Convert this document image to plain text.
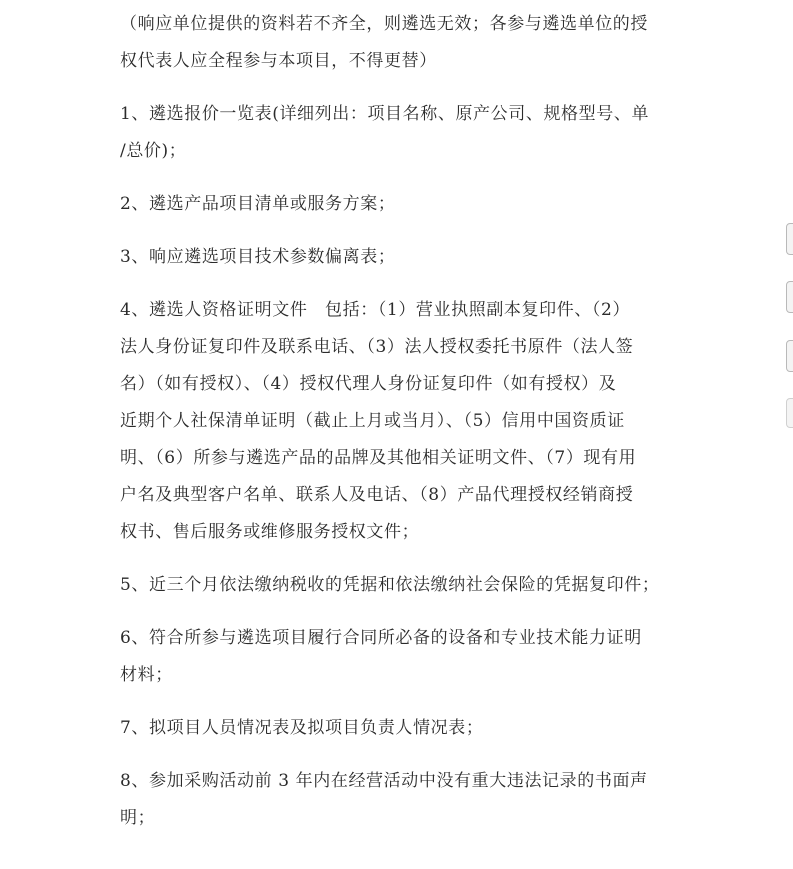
（响应单位提供的资料若不齐全，则遴选无效；各参与遴选单位的授
权代表人应全程参与本项目，不得更替）

1、遴选报价一览表(详细列出：项目名称、原产公司、规格型号、单
/总价)；

2、遴选产品项目清单或服务方案；

3、响应遴选项目技术参数偏离表；

4、遴选人资格证明文件　包括：（1）营业执照副本复印件、（2）
法人身份证复印件及联系电话、（3）法人授权委托书原件（法人签
名）（如有授权）、（4）授权代理人身份证复印件（如有授权）及
近期个人社保清单证明（截止上月或当月）、（5）信用中国资质证
明、（6）所参与遴选产品的品牌及其他相关证明文件、（7）现有用
户名及典型客户名单、联系人及电话、（8）产品代理授权经销商授
权书、售后服务或维修服务授权文件；

5、近三个月依法缴纳税收的凭据和依法缴纳社会保险的凭据复印件；

6、符合所参与遴选项目履行合同所必备的设备和专业技术能力证明
材料；

7、拟项目人员情况表及拟项目负责人情况表；

8、参加采购活动前 3 年内在经营活动中没有重大违法记录的书面声
明；
